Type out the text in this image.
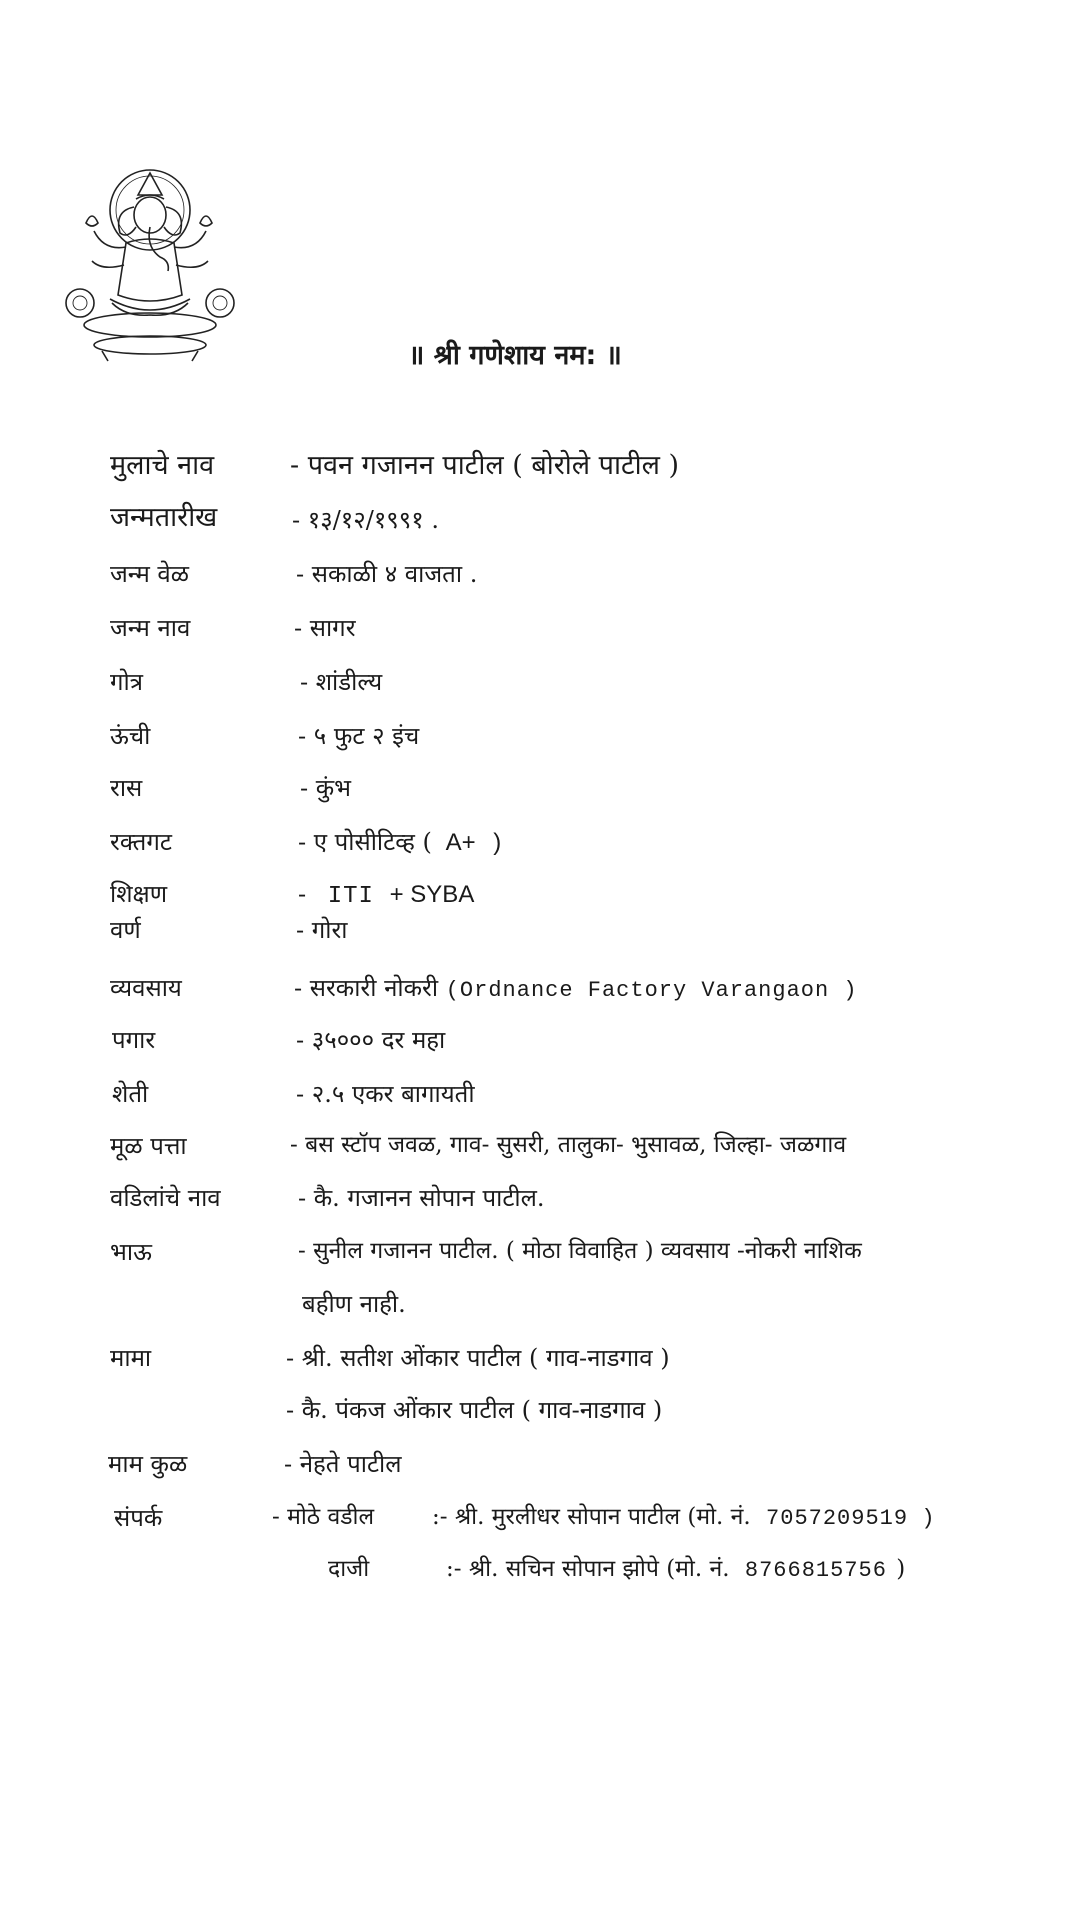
॥ श्री गणेशाय नम: ॥
मुलाचे नाव	- पवन गजानन पाटील ( बोरोले पाटील )
जन्मतारीख	- १३/१२/१९९१ .
जन्म वेळ	- सकाळी ४ वाजता .
जन्म नाव	- सागर
गोत्र	- शांडील्य
ऊंची	- ५ फुट २ इंच
रास	- कुंभ
रक्तगट	- ए पोसीटिव्ह ( A+ )
शिक्षण	- ITI + SYBA
वर्ण	- गोरा
व्यवसाय	- सरकारी नोकरी (Ordnance Factory Varangaon )
पगार	- ३५००० दर महा
शेती	- २.५ एकर बागायती
मूळ पत्ता	- बस स्टॉप जवळ, गाव- सुसरी, तालुका- भुसावळ, जिल्हा- जळगाव
वडिलांचे नाव	- कै. गजानन सोपान पाटील.
भाऊ	- सुनील गजानन पाटील. ( मोठा विवाहित ) व्यवसाय -नोकरी नाशिक
बहीण नाही.
मामा	- श्री. सतीश ओंकार पाटील ( गाव-नाडगाव )
- कै. पंकज ओंकार पाटील ( गाव-नाडगाव )
माम कुळ	- नेहते पाटील
संपर्क	- मोठे वडील	:- श्री. मुरलीधर सोपान पाटील (मो. नं. 7057209519 )
दाजी	:- श्री. सचिन सोपान झोपे (मो. नं. 8766815756 )
